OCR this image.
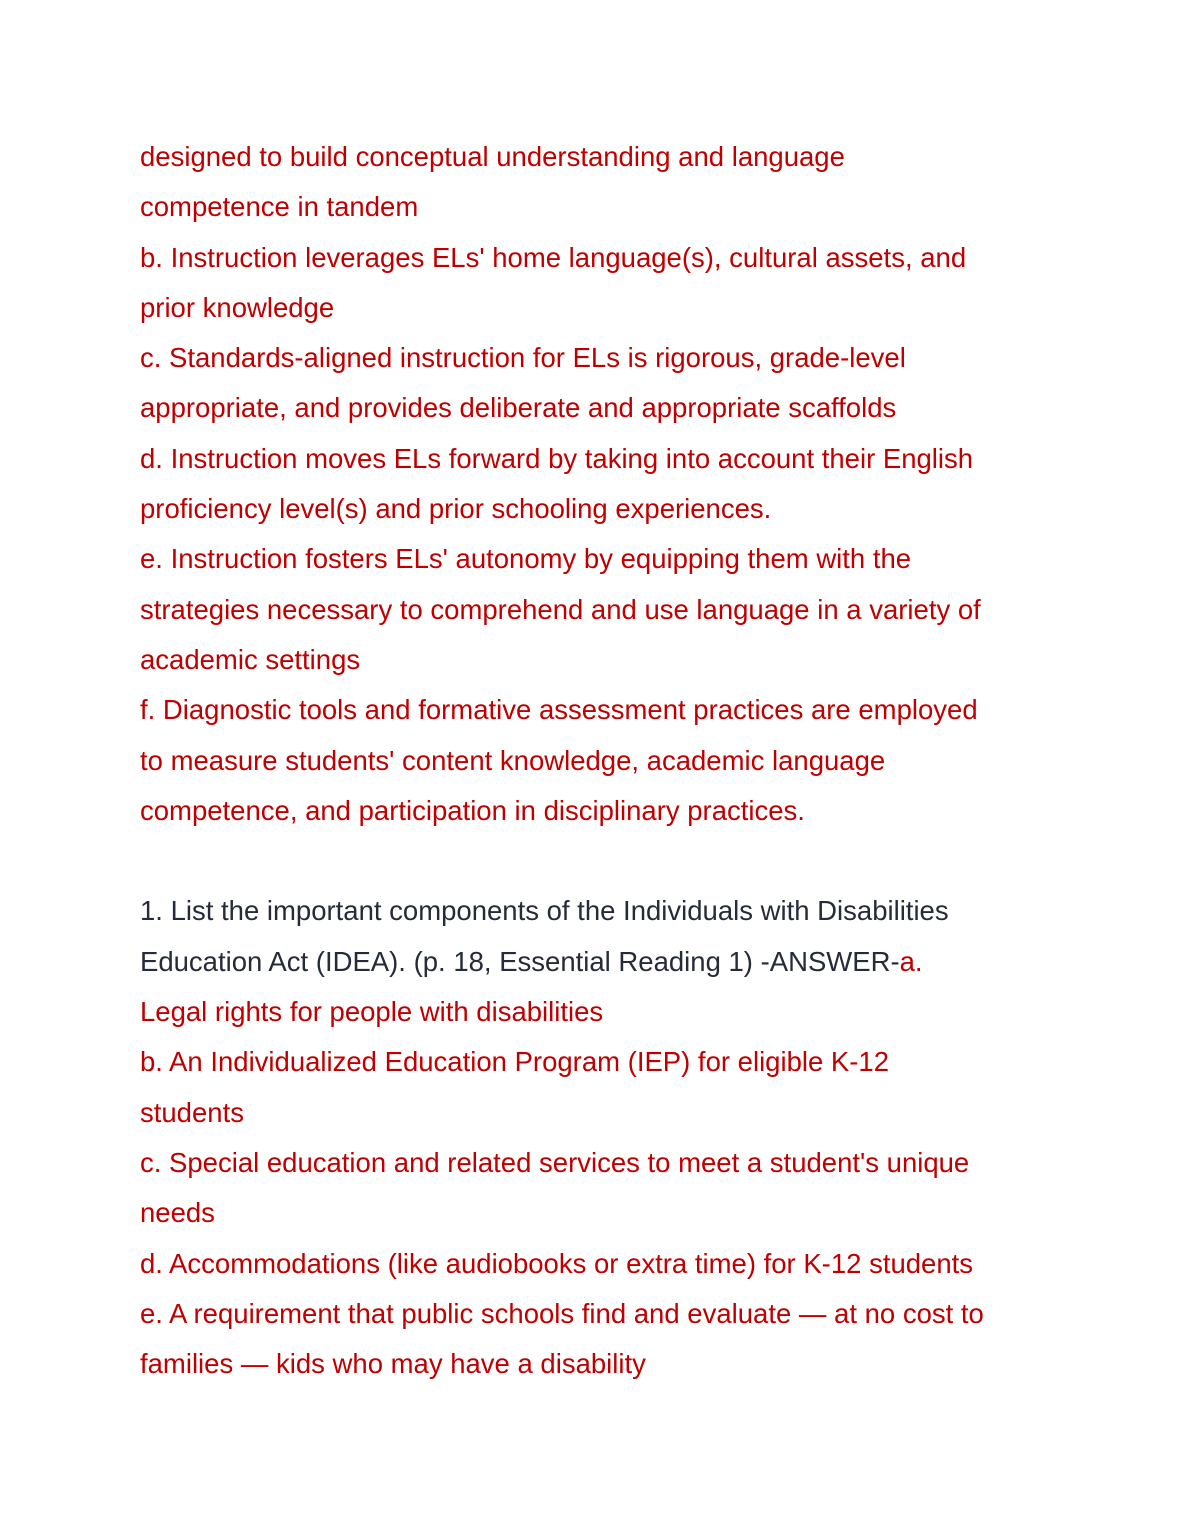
designed to build conceptual understanding and language

competence in tandem

b. Instruction leverages ELs' home language(s), cultural assets, and

prior knowledge

c. Standards-aligned instruction for ELs is rigorous, grade-level

appropriate, and provides deliberate and appropriate scaffolds

d. Instruction moves ELs forward by taking into account their English

proficiency level(s) and prior schooling experiences.

e. Instruction fosters ELs' autonomy by equipping them with the

strategies necessary to comprehend and use language in a variety of

academic settings

f. Diagnostic tools and formative assessment practices are employed

to measure students' content knowledge, academic language

competence, and participation in disciplinary practices.

1. List the important components of the Individuals with Disabilities

Education Act (IDEA). (p. 18, Essential Reading 1) -ANSWER-a.

Legal rights for people with disabilities

b. An Individualized Education Program (IEP) for eligible K-12

students

c. Special education and related services to meet a student's unique

needs

d. Accommodations (like audiobooks or extra time) for K-12 students

e. A requirement that public schools find and evaluate — at no cost to

families — kids who may have a disability
